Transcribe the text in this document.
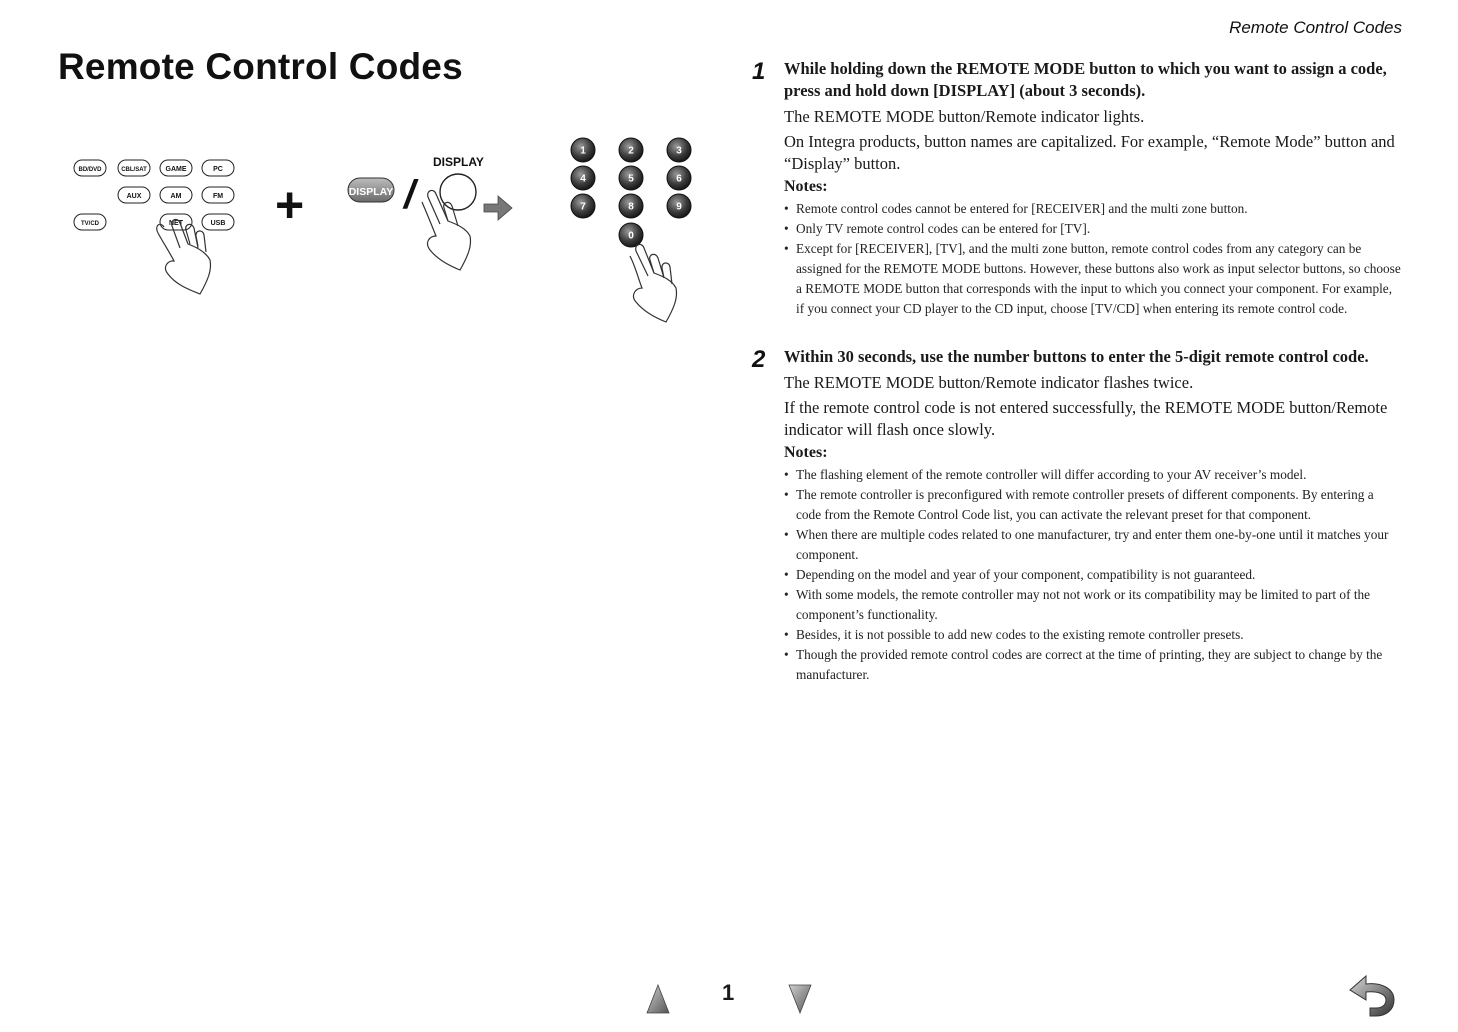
Remote Control Codes
Remote Control Codes
BD/DVD	CBL/SAT	GAME	PC
AUX	AM	FM
TV/CD	NET	USB +
DISPLAY
DISPLAY /
1	2	3
4	5	6
7	8	9
0
1 While holding down the REMOTE MODE button to which you want to assign a code, press and hold down [DISPLAY] (about 3 seconds).

The REMOTE MODE button/Remote indicator lights.

On Integra products, button names are capitalized. For example, “Remote Mode” button and “Display” button.

Notes:
• Remote control codes cannot be entered for [RECEIVER] and the multi zone button.
• Only TV remote control codes can be entered for [TV].
• Except for [RECEIVER], [TV], and the multi zone button, remote control codes from any category can be assigned for the REMOTE MODE buttons. However, these buttons also work as input selector buttons, so choose a REMOTE MODE button that corresponds with the input to which you connect your component. For example, if you connect your CD player to the CD input, choose [TV/CD] when entering its remote control code.
2 Within 30 seconds, use the number buttons to enter the 5-digit remote control code.

The REMOTE MODE button/Remote indicator flashes twice.

If the remote control code is not entered successfully, the REMOTE MODE button/Remote indicator will flash once slowly.

Notes:
• The flashing element of the remote controller will differ according to your AV receiver’s model.
• The remote controller is preconfigured with remote controller presets of different components. By entering a code from the Remote Control Code list, you can activate the relevant preset for that component.
• When there are multiple codes related to one manufacturer, try and enter them one-by-one until it matches your component.
• Depending on the model and year of your component, compatibility is not guaranteed.
• With some models, the remote controller may not not work or its compatibility may be limited to part of the component’s functionality.
• Besides, it is not possible to add new codes to the existing remote controller presets.
• Though the provided remote control codes are correct at the time of printing, they are subject to change by the manufacturer.
1
